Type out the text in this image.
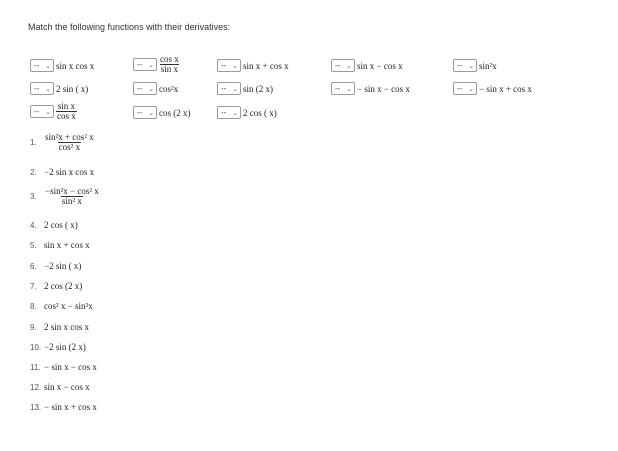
Match the following functions with their derivatives:
-- ⌄ sin x cos x	-- ⌄ $\frac{\text{cos x}}{\text{sin x}}$	-- ⌄ sin x + cos x	-- ⌄ sin x − cos x	-- ⌄ sin²x
-- ⌄ 2 sin ( x)	-- ⌄ cos²x	-- ⌄ sin (2 x)	-- ⌄ − sin x − cos x	-- ⌄ − sin x + cos x
-- ⌄ $\frac{\text{sin x}}{\text{cos x}}$	-- ⌄ cos (2 x)	-- ⌄ 2 cos ( x)
1. $\frac{\text{sin²x + cos² x}}{\text{cos² x}}$
2. −2 sin x cos x
3. $\frac{\text{−sin²x − cos² x}}{\text{sin² x}}$
4. 2 cos ( x)
5. sin x + cos x
6. −2 sin ( x)
7. 2 cos (2 x)
8. cos² x − sin²x
9. 2 sin x cos x
10. −2 sin (2 x)
11. − sin x − cos x
12. sin x − cos x
13. − sin x + cos x
